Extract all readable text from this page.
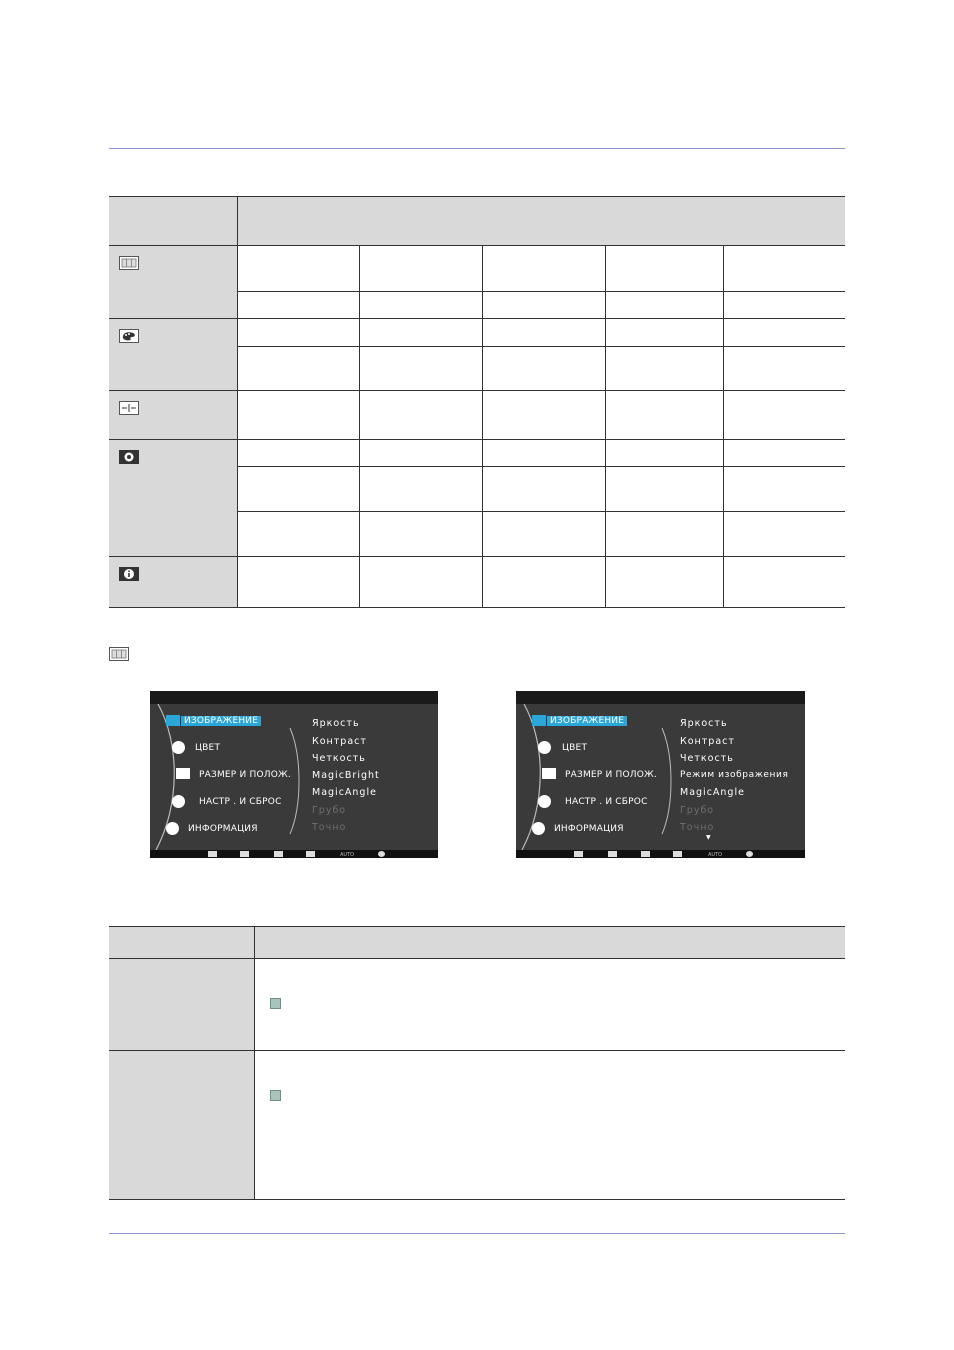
ИЗОБРАЖЕНИЕ
ЦВЕТ
РАЗМЕР И ПОЛОЖ.
НАСТР . И СБРОС
ИНФОРМАЦИЯ
Яркость
Контраст
Четкость
MagicBright
MagicAngle
Грубо
Точно
AUTO
ИЗОБРАЖЕНИЕ
ЦВЕТ
РАЗМЕР И ПОЛОЖ.
НАСТР . И СБРОС
ИНФОРМАЦИЯ
Яркость
Контраст
Четкость
Режим изображения
MagicAngle
Грубо
Точно
▼
AUTO
